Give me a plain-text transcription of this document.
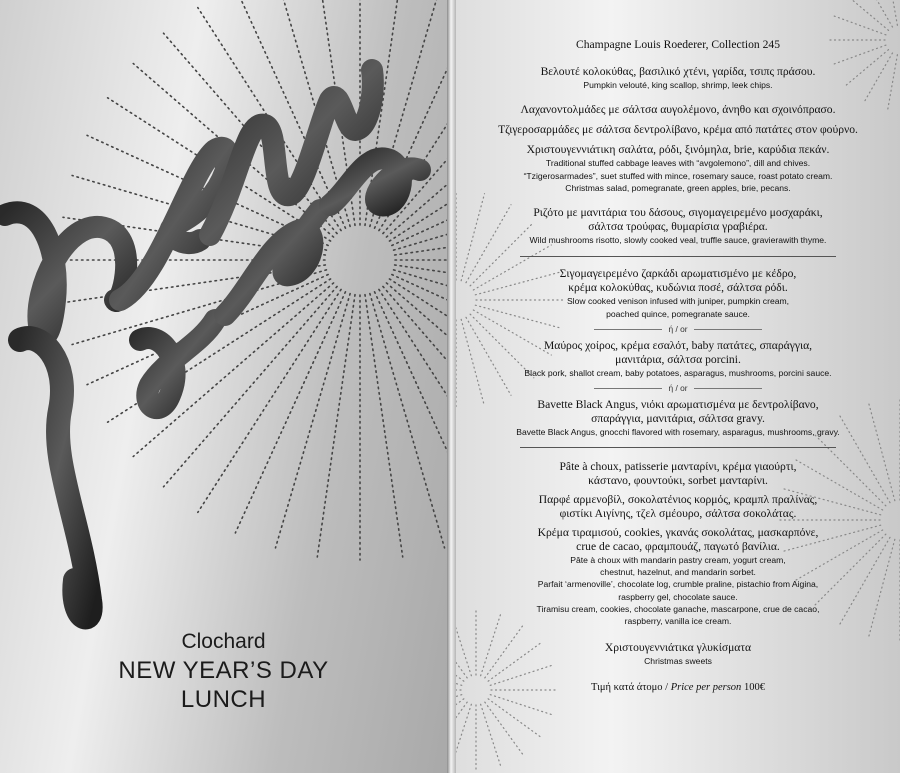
Clochard
NEW YEAR’S DAY
LUNCH
Champagne Louis Roederer, Collection 245
Βελουτέ κολοκύθας, βασιλικό χτένι, γαρίδα, τσιπς πράσου.
Pumpkin velouté, king scallop, shrimp, leek chips.
Λαχανοντολμάδες με σάλτσα αυγολέμονο, άνηθο και σχοινόπρασο.
Τζιγεροσαρμάδες με σάλτσα δεντρολίβανο, κρέμα από πατάτες στον φούρνο.
Χριστουγεννιάτικη σαλάτα, ρόδι, ξινόμηλα, brie, καρύδια πεκάν.
Traditional stuffed cabbage leaves with “avgolemono”, dill and chives.
“Tzigerosarmades”, suet stuffed with mince, rosemary sauce, roast potato cream.
Christmas salad, pomegranate, green apples, brie, pecans.
Ριζότο με μανιτάρια του δάσους, σιγομαγειρεμένο μοσχαράκι,
σάλτσα τρούφας, θυμαρίσια γραβιέρα.
Wild mushrooms risotto, slowly cooked veal, truffle sauce, gravierawith thyme.
Σιγομαγειρεμένο ζαρκάδι αρωματισμένο με κέδρο,
κρέμα κολοκύθας, κυδώνια ποσέ, σάλτσα ρόδι.
Slow cooked venison infused with juniper, pumpkin cream,
poached quince, pomegranate sauce.
ή / or
Μαύρος χοίρος, κρέμα εσαλότ, baby πατάτες, σπαράγγια,
μανιτάρια, σάλτσα porcini.
Black pork, shallot cream, baby potatoes, asparagus, mushrooms, porcini sauce.
ή / or
Bavette Black Angus, νιόκι αρωματισμένα με δεντρολίβανο,
σπαράγγια, μανιτάρια, σάλτσα gravy.
Bavette Black Angus, gnocchi flavored with rosemary, asparagus, mushrooms, gravy.
Pâte à choux, patisserie μανταρίνι, κρέμα γιαούρτι,
κάστανο, φουντούκι, sorbet μανταρίνι.
Παρφέ αρμενοβίλ, σοκολατένιος κορμός, κραμπλ πραλίνας,
φιστίκι Αιγίνης, τζελ σμέουρο, σάλτσα σοκολάτας.
Κρέμα τιραμισού, cookies, γκανάς σοκολάτας, μασκαρπόνε,
crue de cacao, φραμπουάζ, παγωτό βανίλια.
Pâte à choux with mandarin pastry cream, yogurt cream,
chestnut, hazelnut, and mandarin sorbet.
Parfait ‘armenoville’, chocolate log, crumble praline, pistachio from Aigina,
raspberry gel, chocolate sauce.
Tiramisu cream, cookies, chocolate ganache, mascarpone, crue de cacao,
raspberry, vanilla ice cream.
Χριστουγεννιάτικα γλυκίσματα
Christmas sweets
Τιμή κατά άτομο / Price per person 100€
